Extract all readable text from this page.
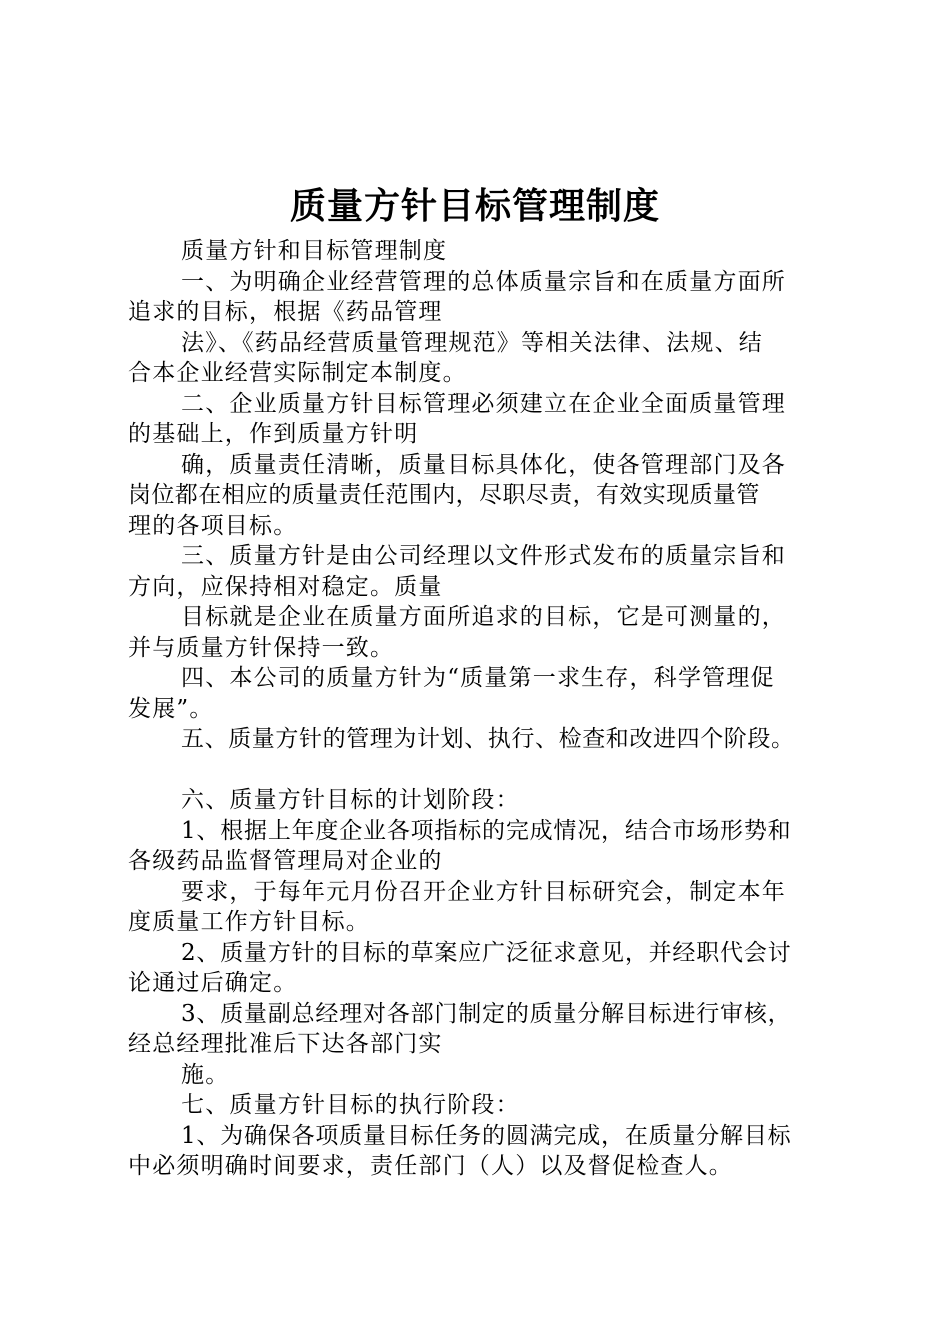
质量方针目标管理制度
质量方针和目标管理制度
一、为明确企业经营管理的总体质量宗旨和在质量方面所
追求的目标，根据《药品管理
法》、《药品经营质量管理规范》等相关法律、法规、结
合本企业经营实际制定本制度。
二、企业质量方针目标管理必须建立在企业全面质量管理
的基础上，作到质量方针明
确，质量责任清晰，质量目标具体化，使各管理部门及各
岗位都在相应的质量责任范围内，尽职尽责，有效实现质量管
理的各项目标。
三、质量方针是由公司经理以文件形式发布的质量宗旨和
方向，应保持相对稳定。质量
目标就是企业在质量方面所追求的目标，它是可测量的，
并与质量方针保持一致。
四、本公司的质量方针为“质量第一求生存，科学管理促
发展”。
五、质量方针的管理为计划、执行、检查和改进四个阶段。
六、质量方针目标的计划阶段：
1、根据上年度企业各项指标的完成情况，结合市场形势和
各级药品监督管理局对企业的
要求，于每年元月份召开企业方针目标研究会，制定本年
度质量工作方针目标。
2、质量方针的目标的草案应广泛征求意见，并经职代会讨
论通过后确定。
3、质量副总经理对各部门制定的质量分解目标进行审核，
经总经理批准后下达各部门实
施。
七、质量方针目标的执行阶段：
1、为确保各项质量目标任务的圆满完成，在质量分解目标
中必须明确时间要求，责任部门（人）以及督促检查人。
